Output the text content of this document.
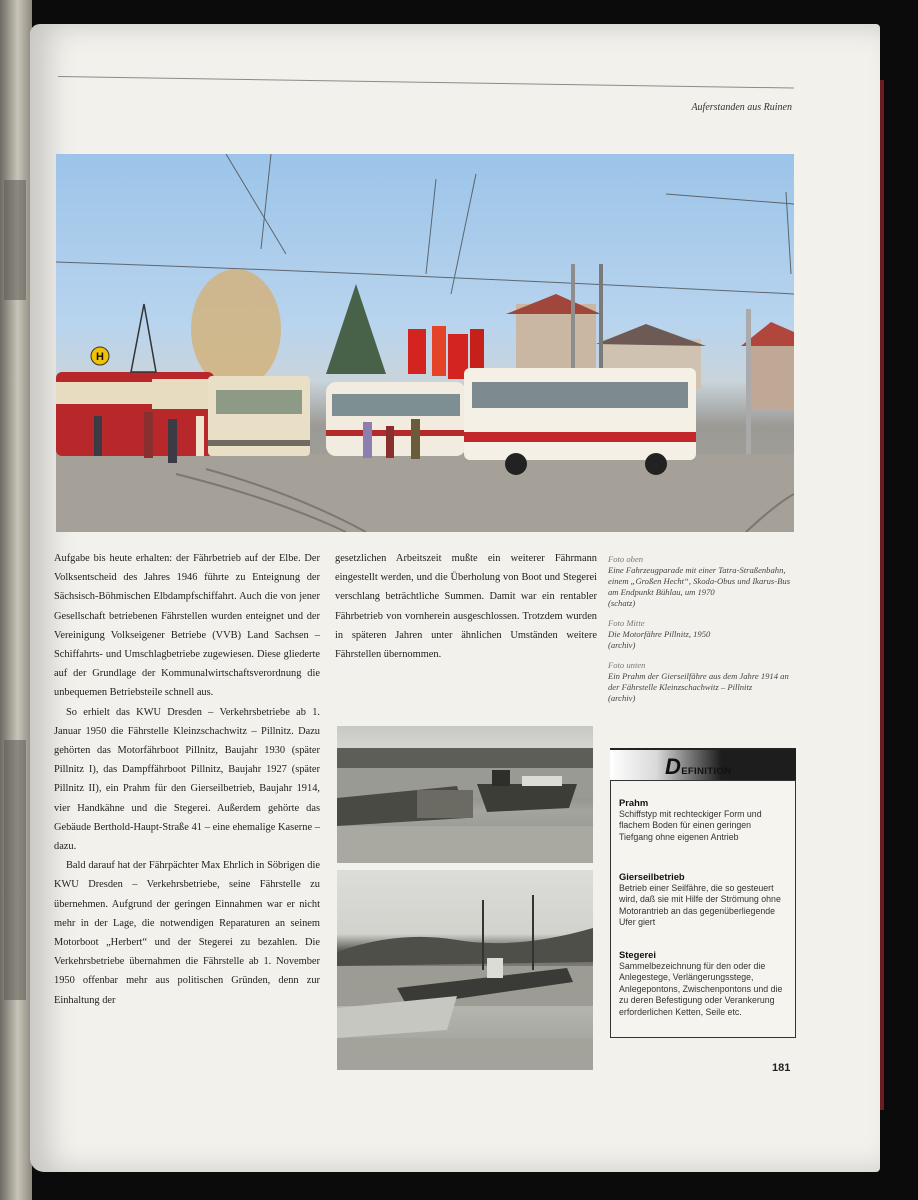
Auferstanden aus Ruinen
H

Aufgabe bis heute erhalten: der Fährbetrieb auf der Elbe. Der Volksentscheid des Jahres 1946 führte zu Enteignung der Sächsisch-Böhmischen Elbdampfschiffahrt. Auch die von jener Gesellschaft betriebenen Fährstellen wurden enteignet und der Vereinigung Volkseigener Betriebe (VVB) Land Sachsen – Schiffahrts- und Umschlagbetriebe zugewiesen. Diese gliederte auf der Grundlage der Kommunalwirtschaftsverordnung die unbequemen Betriebsteile schnell aus.

So erhielt das KWU Dresden – Verkehrsbetriebe ab 1. Januar 1950 die Fährstelle Kleinzschachwitz – Pillnitz. Dazu gehörten das Motorfährboot Pillnitz, Baujahr 1930 (später Pillnitz I), das Dampffährboot Pillnitz, Baujahr 1927 (später Pillnitz II), ein Prahm für den Gierseilbetrieb, Baujahr 1914, vier Handkähne und die Stegerei. Außerdem gehörte das Gebäude Berthold-Haupt-Straße 41 – eine ehemalige Kaserne – dazu.

Bald darauf hat der Fährpächter Max Ehrlich in Söbrigen die KWU Dresden – Verkehrsbetriebe, seine Fährstelle zu übernehmen. Aufgrund der geringen Einnahmen war er nicht mehr in der Lage, die notwendigen Reparaturen an seinem Motorboot „Herbert“ und der Stegerei zu bezahlen. Die Verkehrsbetriebe übernahmen die Fährstelle ab 1. November 1950 offenbar mehr aus politischen Gründen, denn zur Einhaltung der

gesetzlichen Arbeitszeit mußte ein weiterer Fährmann eingestellt werden, und die Überholung von Boot und Stegerei verschlang beträchtliche Summen. Damit war ein rentabler Fährbetrieb von vornherein ausgeschlossen. Trotzdem wurden in späteren Jahren unter ähnlichen Umständen weitere Fährstellen übernommen.

Foto oben
Eine Fahrzeugparade mit einer Tatra-Straßenbahn, einem „Großen Hecht“, Skoda-Obus und Ikarus-Bus am Endpunkt Bühlau, um 1970
(schatz)
Foto Mitte
Die Motorfähre Pillnitz, 1950
(archiv)
Foto unten
Ein Prahm der Gierseilfähre aus dem Jahre 1914 an der Fährstelle Kleinzschachwitz – Pillnitz
(archiv)
DEFINITION
Prahm
Schiffstyp mit rechteckiger Form und flachem Boden für einen geringen Tiefgang ohne eigenen Antrieb
Gierseilbetrieb
Betrieb einer Seilfähre, die so gesteuert wird, daß sie mit Hilfe der Strömung ohne Motorantrieb an das gegenüberliegende Ufer giert
Stegerei
Sammelbezeichnung für den oder die Anlegestege, Verlängerungsstege, Anlegepontons, Zwischenpontons und die zu deren Befestigung oder Verankerung erforderlichen Ketten, Seile etc.
181
